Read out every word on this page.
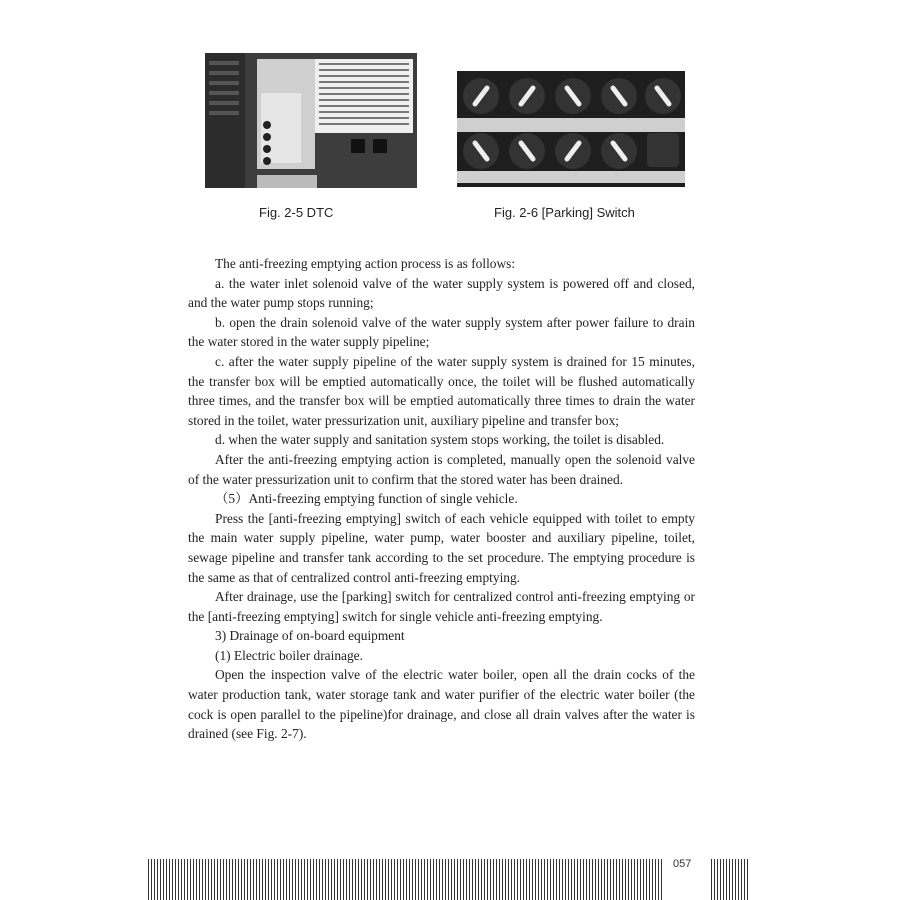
Fig. 2-5 DTC	Fig. 2-6 [Parking] Switch

The anti-freezing emptying action process is as follows:

a. the water inlet solenoid valve of the water supply system is powered off and closed, and the water pump stops running;

b. open the drain solenoid valve of the water supply system after power failure to drain the water stored in the water supply pipeline;

c. after the water supply pipeline of the water supply system is drained for 15 minutes, the transfer box will be emptied automatically once, the toilet will be flushed automatically three times, and the transfer box will be emptied automatically three times to drain the water stored in the toilet, water pressurization unit, auxiliary pipeline and transfer box;

d. when the water supply and sanitation system stops working, the toilet is disabled.

After the anti-freezing emptying action is completed, manually open the solenoid valve of the water pressurization unit to confirm that the stored water has been drained.

（5）Anti-freezing emptying function of single vehicle.

Press the [anti-freezing emptying] switch of each vehicle equipped with toilet to empty the main water supply pipeline, water pump, water booster and auxiliary pipeline, toilet, sewage pipeline and transfer tank according to the set procedure. The emptying procedure is the same as that of centralized control anti-freezing emptying.

After drainage, use the [parking] switch for centralized control anti-freezing emptying or the [anti-freezing emptying] switch for single vehicle anti-freezing emptying.

3) Drainage of on-board equipment

(1) Electric boiler drainage.

Open the inspection valve of the electric water boiler, open all the drain cocks of the water production tank, water storage tank and water purifier of the electric water boiler (the cock is open parallel to the pipeline)for drainage, and close all drain valves after the water is drained (see Fig. 2-7).

057
